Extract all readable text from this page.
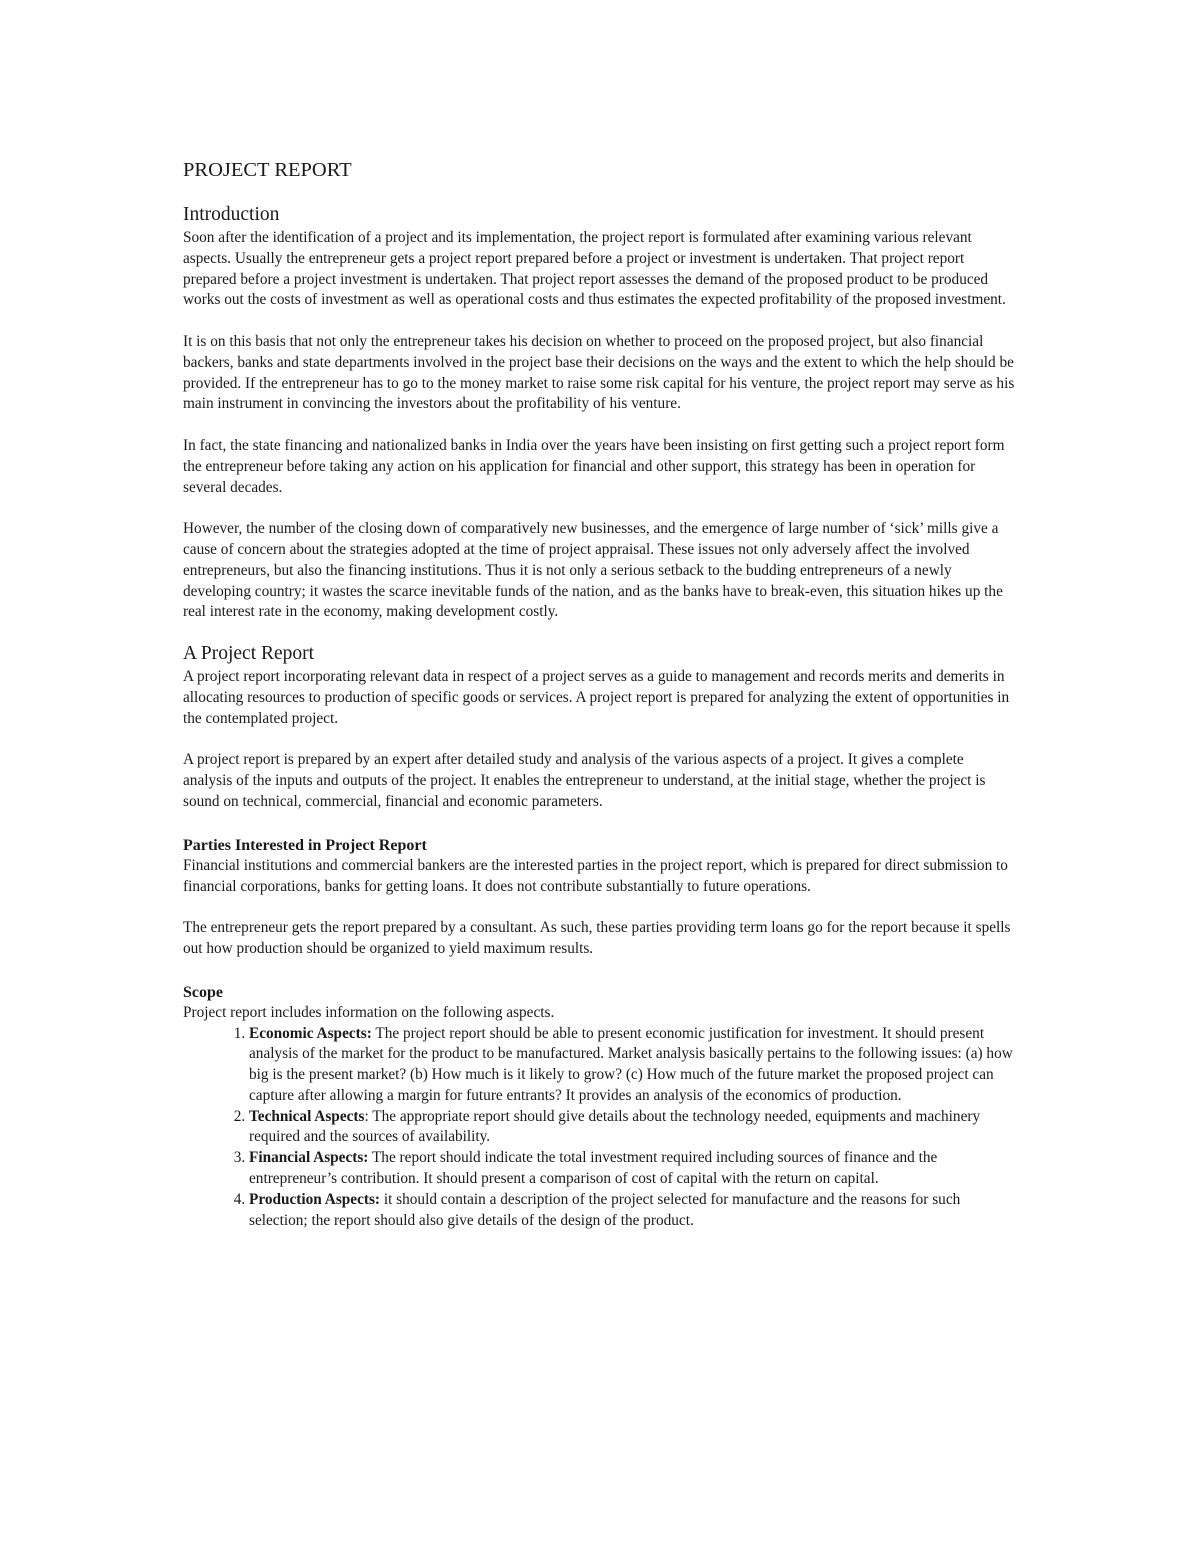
PROJECT REPORT
Introduction

Soon after the identification of a project and its implementation, the project report is formulated after examining various relevant aspects. Usually the entrepreneur gets a project report prepared before a project or investment is undertaken. That project report prepared before a project investment is undertaken. That project report assesses the demand of the proposed product to be produced works out the costs of investment as well as operational costs and thus estimates the expected profitability of the proposed investment.

It is on this basis that not only the entrepreneur takes his decision on whether to proceed on the proposed project, but also financial backers, banks and state departments involved in the project base their decisions on the ways and the extent to which the help should be provided. If the entrepreneur has to go to the money market to raise some risk capital for his venture, the project report may serve as his main instrument in convincing the investors about the profitability of his venture.

In fact, the state financing and nationalized banks in India over the years have been insisting on first getting such a project report form the entrepreneur before taking any action on his application for financial and other support, this strategy has been in operation for several decades.

However, the number of the closing down of comparatively new businesses, and the emergence of large number of ‘sick’ mills give a cause of concern about the strategies adopted at the time of project appraisal. These issues not only adversely affect the involved entrepreneurs, but also the financing institutions. Thus it is not only a serious setback to the budding entrepreneurs of a newly developing country; it wastes the scarce inevitable funds of the nation, and as the banks have to break-even, this situation hikes up the real interest rate in the economy, making development costly.

A Project Report

A project report incorporating relevant data in respect of a project serves as a guide to management and records merits and demerits in allocating resources to production of specific goods or services. A project report is prepared for analyzing the extent of opportunities in the contemplated project.

A project report is prepared by an expert after detailed study and analysis of the various aspects of a project. It gives a complete analysis of the inputs and outputs of the project. It enables the entrepreneur to understand, at the initial stage, whether the project is sound on technical, commercial, financial and economic parameters.

Parties Interested in Project Report

Financial institutions and commercial bankers are the interested parties in the project report, which is prepared for direct submission to financial corporations, banks for getting loans. It does not contribute substantially to future operations.

The entrepreneur gets the report prepared by a consultant. As such, these parties providing term loans go for the report because it spells out how production should be organized to yield maximum results.

Scope

Project report includes information on the following aspects.

1. Economic Aspects: The project report should be able to present economic justification for investment. It should present analysis of the market for the product to be manufactured. Market analysis basically pertains to the following issues: (a) how big is the present market? (b) How much is it likely to grow? (c) How much of the future market the proposed project can capture after allowing a margin for future entrants? It provides an analysis of the economics of production.
2. Technical Aspects: The appropriate report should give details about the technology needed, equipments and machinery required and the sources of availability.
3. Financial Aspects: The report should indicate the total investment required including sources of finance and the entrepreneur’s contribution. It should present a comparison of cost of capital with the return on capital.
4. Production Aspects: it should contain a description of the project selected for manufacture and the reasons for such selection; the report should also give details of the design of the product.
